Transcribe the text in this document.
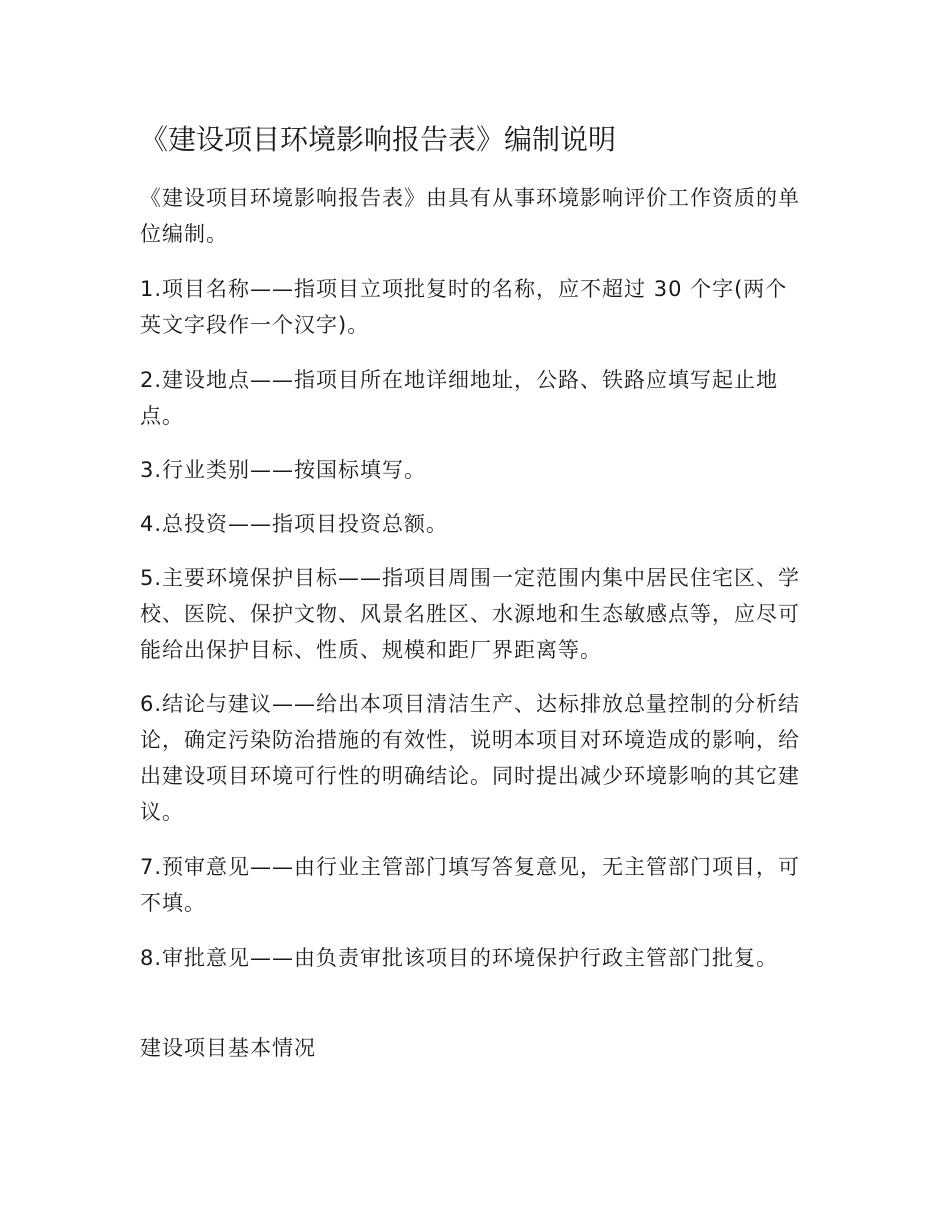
《建设项目环境影响报告表》编制说明

《建设项目环境影响报告表》由具有从事环境影响评价工作资质的单位编制。

1.项目名称——指项目立项批复时的名称，应不超过 30 个字(两个英文字段作一个汉字)。

2.建设地点——指项目所在地详细地址，公路、铁路应填写起止地点。

3.行业类别——按国标填写。

4.总投资——指项目投资总额。

5.主要环境保护目标——指项目周围一定范围内集中居民住宅区、学校、医院、保护文物、风景名胜区、水源地和生态敏感点等，应尽可能给出保护目标、性质、规模和距厂界距离等。

6.结论与建议——给出本项目清洁生产、达标排放总量控制的分析结论，确定污染防治措施的有效性，说明本项目对环境造成的影响，给出建设项目环境可行性的明确结论。同时提出减少环境影响的其它建议。

7.预审意见——由行业主管部门填写答复意见，无主管部门项目，可不填。

8.审批意见——由负责审批该项目的环境保护行政主管部门批复。

建设项目基本情况
